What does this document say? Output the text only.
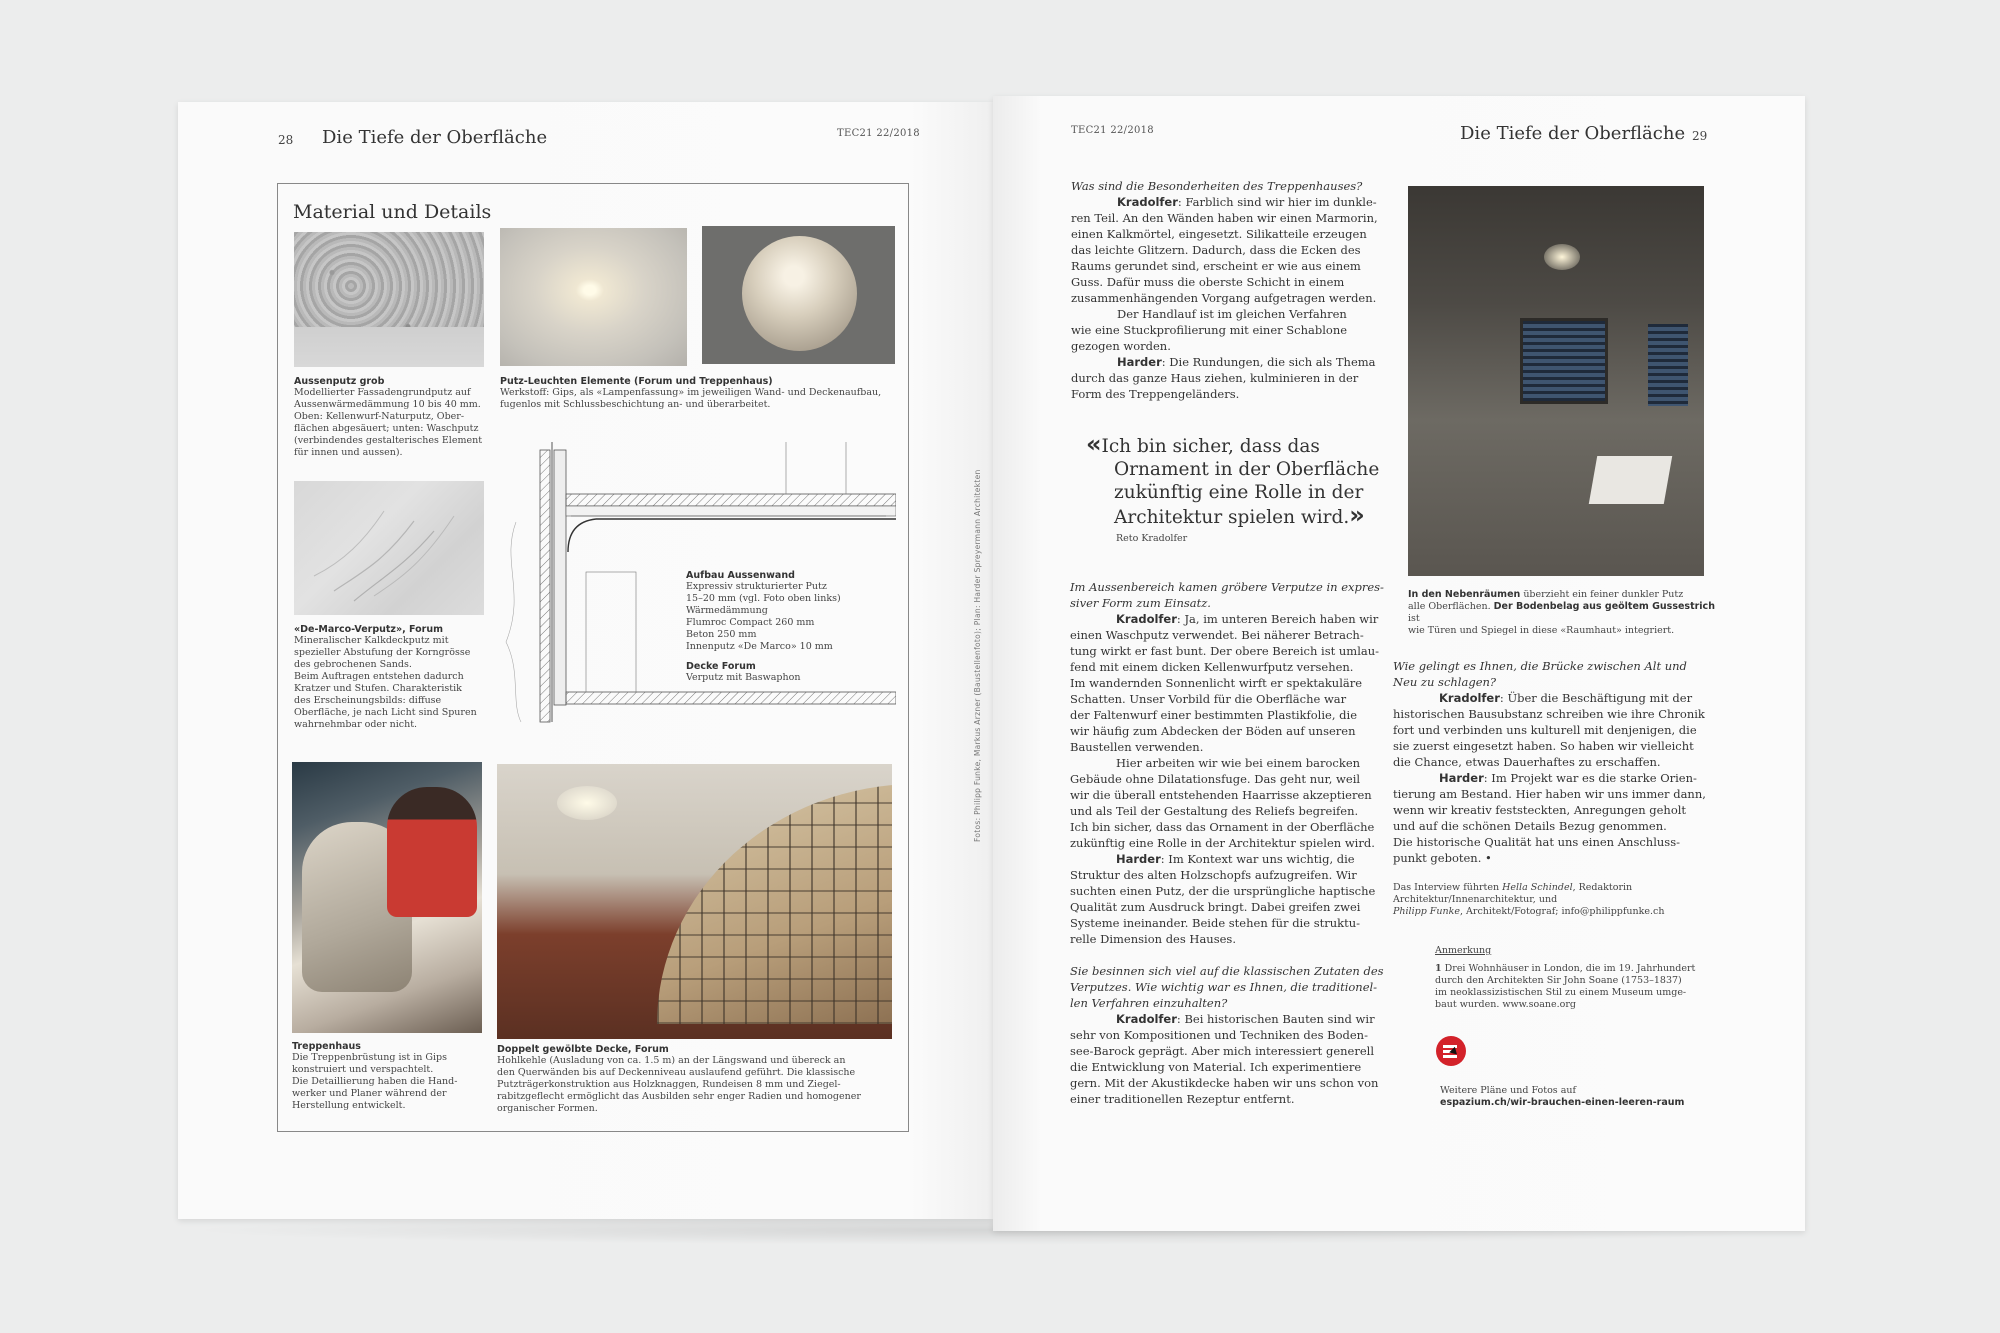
28 Die Tiefe der Oberfläche	TEC21 22/2018
Material und Details
Aussenputz grob
Modellierter Fassadengrundputz auf
Aussenwärmedämmung 10 bis 40 mm.
Oben: Kellenwurf-Naturputz, Ober-
flächen abgesäuert; unten: Waschputz
(verbindendes gestalterisches Element
für innen und aussen).
Putz-Leuchten Elemente (Forum und Treppenhaus)
Werkstoff: Gips, als «Lampenfassung» im jeweiligen Wand- und Deckenaufbau,
fugenlos mit Schlussbeschichtung an- und überarbeitet.
«De-Marco-Verputz», Forum
Mineralischer Kalkdeckputz mit
spezieller Abstufung der Korngrösse
des gebrochenen Sands.
Beim Auftragen entstehen dadurch
Kratzer und Stufen. Charakteristik
des Erscheinungsbilds: diffuse
Oberfläche, je nach Licht sind Spuren
wahrnehmbar oder nicht.
Aufbau Aussenwand
Expressiv strukturierter Putz
15–20 mm (vgl. Foto oben links)
Wärmedämmung
Flumroc Compact 260 mm
Beton 250 mm
Innenputz «De Marco» 10 mm
Decke Forum
Verputz mit Baswaphon
Treppenhaus
Die Treppenbrüstung ist in Gips
konstruiert und verspachtelt.
Die Detaillierung haben die Hand-
werker und Planer während der
Herstellung entwickelt.
Doppelt gewölbte Decke, Forum
Hohlkehle (Ausladung von ca. 1.5 m) an der Längswand und übereck an
den Querwänden bis auf Deckenniveau auslaufend geführt. Die klassische
Putzträgerkonstruktion aus Holzknaggen, Rundeisen 8 mm und Ziegel-
rabitzgeflecht ermöglicht das Ausbilden sehr enger Radien und homogener
organischer Formen.
Fotos: Philipp Funke, Markus Arzner (Baustellenfoto); Plan: Harder Spreyermann Architekten
TEC21 22/2018	Die Tiefe der Oberfläche 29

Was sind die Besonderheiten des Treppenhauses?

Kradolfer: Farblich sind wir hier im dunkle-

ren Teil. An den Wänden haben wir einen Marmorin,

einen Kalkmörtel, eingesetzt. Silikatteile erzeugen

das leichte Glitzern. Dadurch, dass die Ecken des

Raums gerundet sind, erscheint er wie aus einem

Guss. Dafür muss die oberste Schicht in einem

zusammenhängenden Vorgang aufgetragen werden.

Der Handlauf ist im gleichen Verfahren

wie eine Stuckprofilierung mit einer Schablone

gezogen worden.

Harder: Die Rundungen, die sich als Thema

durch das ganze Haus ziehen, kulminieren in der

Form des Treppengeländers.

«Ich bin sicher, dass das
Ornament in der Oberfläche
zukünftig eine Rolle in der
Architektur spielen wird.»
Reto Kradolfer

Im Aussenbereich kamen gröbere Verputze in expres-

siver Form zum Einsatz.

Kradolfer: Ja, im unteren Bereich haben wir

einen Waschputz verwendet. Bei näherer Betrach-

tung wirkt er fast bunt. Der obere Bereich ist umlau-

fend mit einem dicken Kellenwurfputz versehen.

Im wandernden Sonnenlicht wirft er spektakuläre

Schatten. Unser Vorbild für die Oberfläche war

der Faltenwurf einer bestimmten Plastikfolie, die

wir häufig zum Abdecken der Böden auf unseren

Baustellen verwenden.

Hier arbeiten wir wie bei einem barocken

Gebäude ohne Dilatationsfuge. Das geht nur, weil

wir die überall entstehenden Haarrisse akzeptieren

und als Teil der Gestaltung des Reliefs begreifen.

Ich bin sicher, dass das Ornament in der Oberfläche

zukünftig eine Rolle in der Architektur spielen wird.

Harder: Im Kontext war uns wichtig, die

Struktur des alten Holzschopfs aufzugreifen. Wir

suchten einen Putz, der die ursprüngliche haptische

Qualität zum Ausdruck bringt. Dabei greifen zwei

Systeme ineinander. Beide stehen für die struktu-

relle Dimension des Hauses.

Sie besinnen sich viel auf die klassischen Zutaten des

Verputzes. Wie wichtig war es Ihnen, die traditionel-

len Verfahren einzuhalten?

Kradolfer: Bei historischen Bauten sind wir

sehr von Kompositionen und Techniken des Boden-

see-Barock geprägt. Aber mich interessiert generell

die Entwicklung von Material. Ich experimentiere

gern. Mit der Akustikdecke haben wir uns schon von

einer traditionellen Rezeptur entfernt.

In den Nebenräumen überzieht ein feiner dunkler Putz
alle Oberflächen. Der Bodenbelag aus geöltem Gussestrich ist
wie Türen und Spiegel in diese «Raumhaut» integriert.

Wie gelingt es Ihnen, die Brücke zwischen Alt und

Neu zu schlagen?

Kradolfer: Über die Beschäftigung mit der

historischen Bausubstanz schreiben wie ihre Chronik

fort und verbinden uns kulturell mit denjenigen, die

sie zuerst eingesetzt haben. So haben wir vielleicht

die Chance, etwas Dauerhaftes zu erschaffen.

Harder: Im Projekt war es die starke Orien-

tierung am Bestand. Hier haben wir uns immer dann,

wenn wir kreativ feststeckten, Anregungen geholt

und auf die schönen Details Bezug genommen.

Die historische Qualität hat uns einen Anschluss-

punkt geboten. •

Das Interview führten Hella Schindel, Redaktorin
Architektur/Innenarchitektur, und
Philipp Funke, Architekt/Fotograf; info@philippfunke.ch
Anmerkung
1 Drei Wohnhäuser in London, die im 19. Jahrhundert
durch den Architekten Sir John Soane (1753–1837)
im neoklassizistischen Stil zu einem Museum umge-
baut wurden. www.soane.org
Weitere Pläne und Fotos auf
espazium.ch/wir-brauchen-einen-leeren-raum
